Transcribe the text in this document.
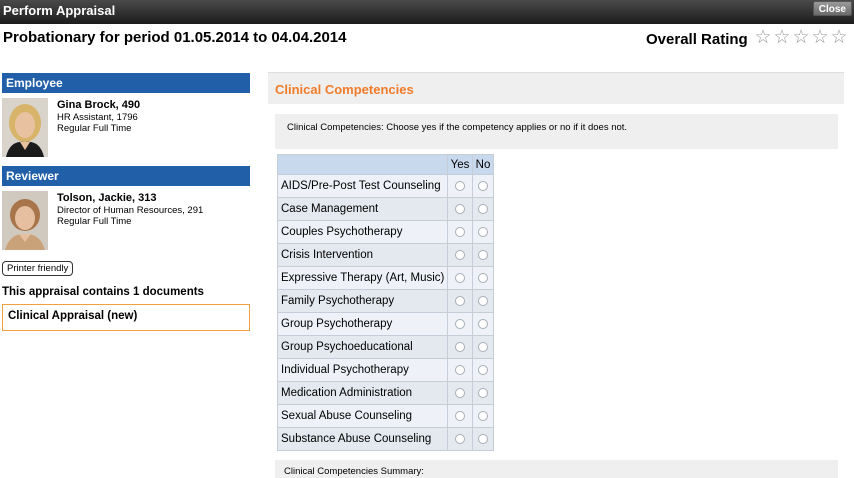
Perform Appraisal	Close
Probationary for period 01.05.2014 to 04.04.2014	Overall Rating ☆ ☆ ☆ ☆ ☆
Employee
Gina Brock, 490
HR Assistant, 1796
Regular Full Time
Reviewer
Tolson, Jackie, 313
Director of Human Resources, 291
Regular Full Time
Printer friendly
This appraisal contains 1 documents
Clinical Appraisal (new)
Clinical Competencies
Clinical Competencies: Choose yes if the competency applies or no if it does not.
	Yes	No
AIDS/Pre-Post Test Counseling		
Case Management		
Couples Psychotherapy		
Crisis Intervention		
Expressive Therapy (Art, Music)		
Family Psychotherapy		
Group Psychotherapy		
Group Psychoeducational		
Individual Psychotherapy		
Medication Administration		
Sexual Abuse Counseling		
Substance Abuse Counseling		
Clinical Competencies Summary:
